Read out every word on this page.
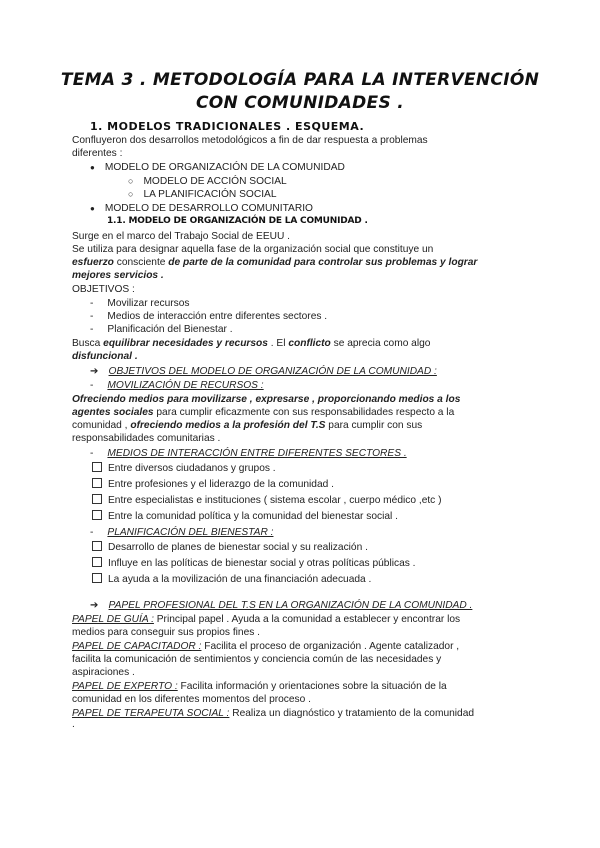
TEMA 3 . METODOLOGÍA PARA LA INTERVENCIÓN
CON COMUNIDADES .
1. MODELOS TRADICIONALES . ESQUEMA.
Confluyeron dos desarrollos metodológicos a fin de dar respuesta a problemas
diferentes :
● MODELO DE ORGANIZACIÓN DE LA COMUNIDAD
○ MODELO DE ACCIÓN SOCIAL
○ LA PLANIFICACIÓN SOCIAL
● MODELO DE DESARROLLO COMUNITARIO
1.1. MODELO DE ORGANIZACIÓN DE LA COMUNIDAD .
Surge en el marco del Trabajo Social de EEUU .
Se utiliza para designar aquella fase de la organización social que constituye un
esfuerzo consciente de parte de la comunidad para controlar sus problemas y lograr
mejores servicios .
OBJETIVOS :
- Movilizar recursos
- Medios de interacción entre diferentes sectores .
- Planificación del Bienestar .
Busca equilibrar necesidades y recursos . El conflicto se aprecia como algo
disfuncional .
➔ OBJETIVOS DEL MODELO DE ORGANIZACIÓN DE LA COMUNIDAD :
- MOVILIZACIÓN DE RECURSOS :
Ofreciendo medios para movilizarse , expresarse , proporcionando medios a los
agentes sociales para cumplir eficazmente con sus responsabilidades respecto a la
comunidad , ofreciendo medios a la profesión del T.S para cumplir con sus
responsabilidades comunitarias .
- MEDIOS DE INTERACCIÓN ENTRE DIFERENTES SECTORES .
Entre diversos ciudadanos y grupos .
Entre profesiones y el liderazgo de la comunidad .
Entre especialistas e instituciones ( sistema escolar , cuerpo médico ,etc )
Entre la comunidad política y la comunidad del bienestar social .
- PLANIFICACIÓN DEL BIENESTAR :
Desarrollo de planes de bienestar social y su realización .
Influye en las políticas de bienestar social y otras políticas públicas .
La ayuda a la movilización de una financiación adecuada .
➔ PAPEL PROFESIONAL DEL T.S EN LA ORGANIZACIÓN DE LA COMUNIDAD .
PAPEL DE GUÍA : Principal papel . Ayuda a la comunidad a establecer y encontrar los
medios para conseguir sus propios fines .
PAPEL DE CAPACITADOR : Facilita el proceso de organización . Agente catalizador ,
facilita la comunicación de sentimientos y conciencia común de las necesidades y
aspiraciones .
PAPEL DE EXPERTO : Facilita información y orientaciones sobre la situación de la
comunidad en los diferentes momentos del proceso .
PAPEL DE TERAPEUTA SOCIAL : Realiza un diagnóstico y tratamiento de la comunidad
.
